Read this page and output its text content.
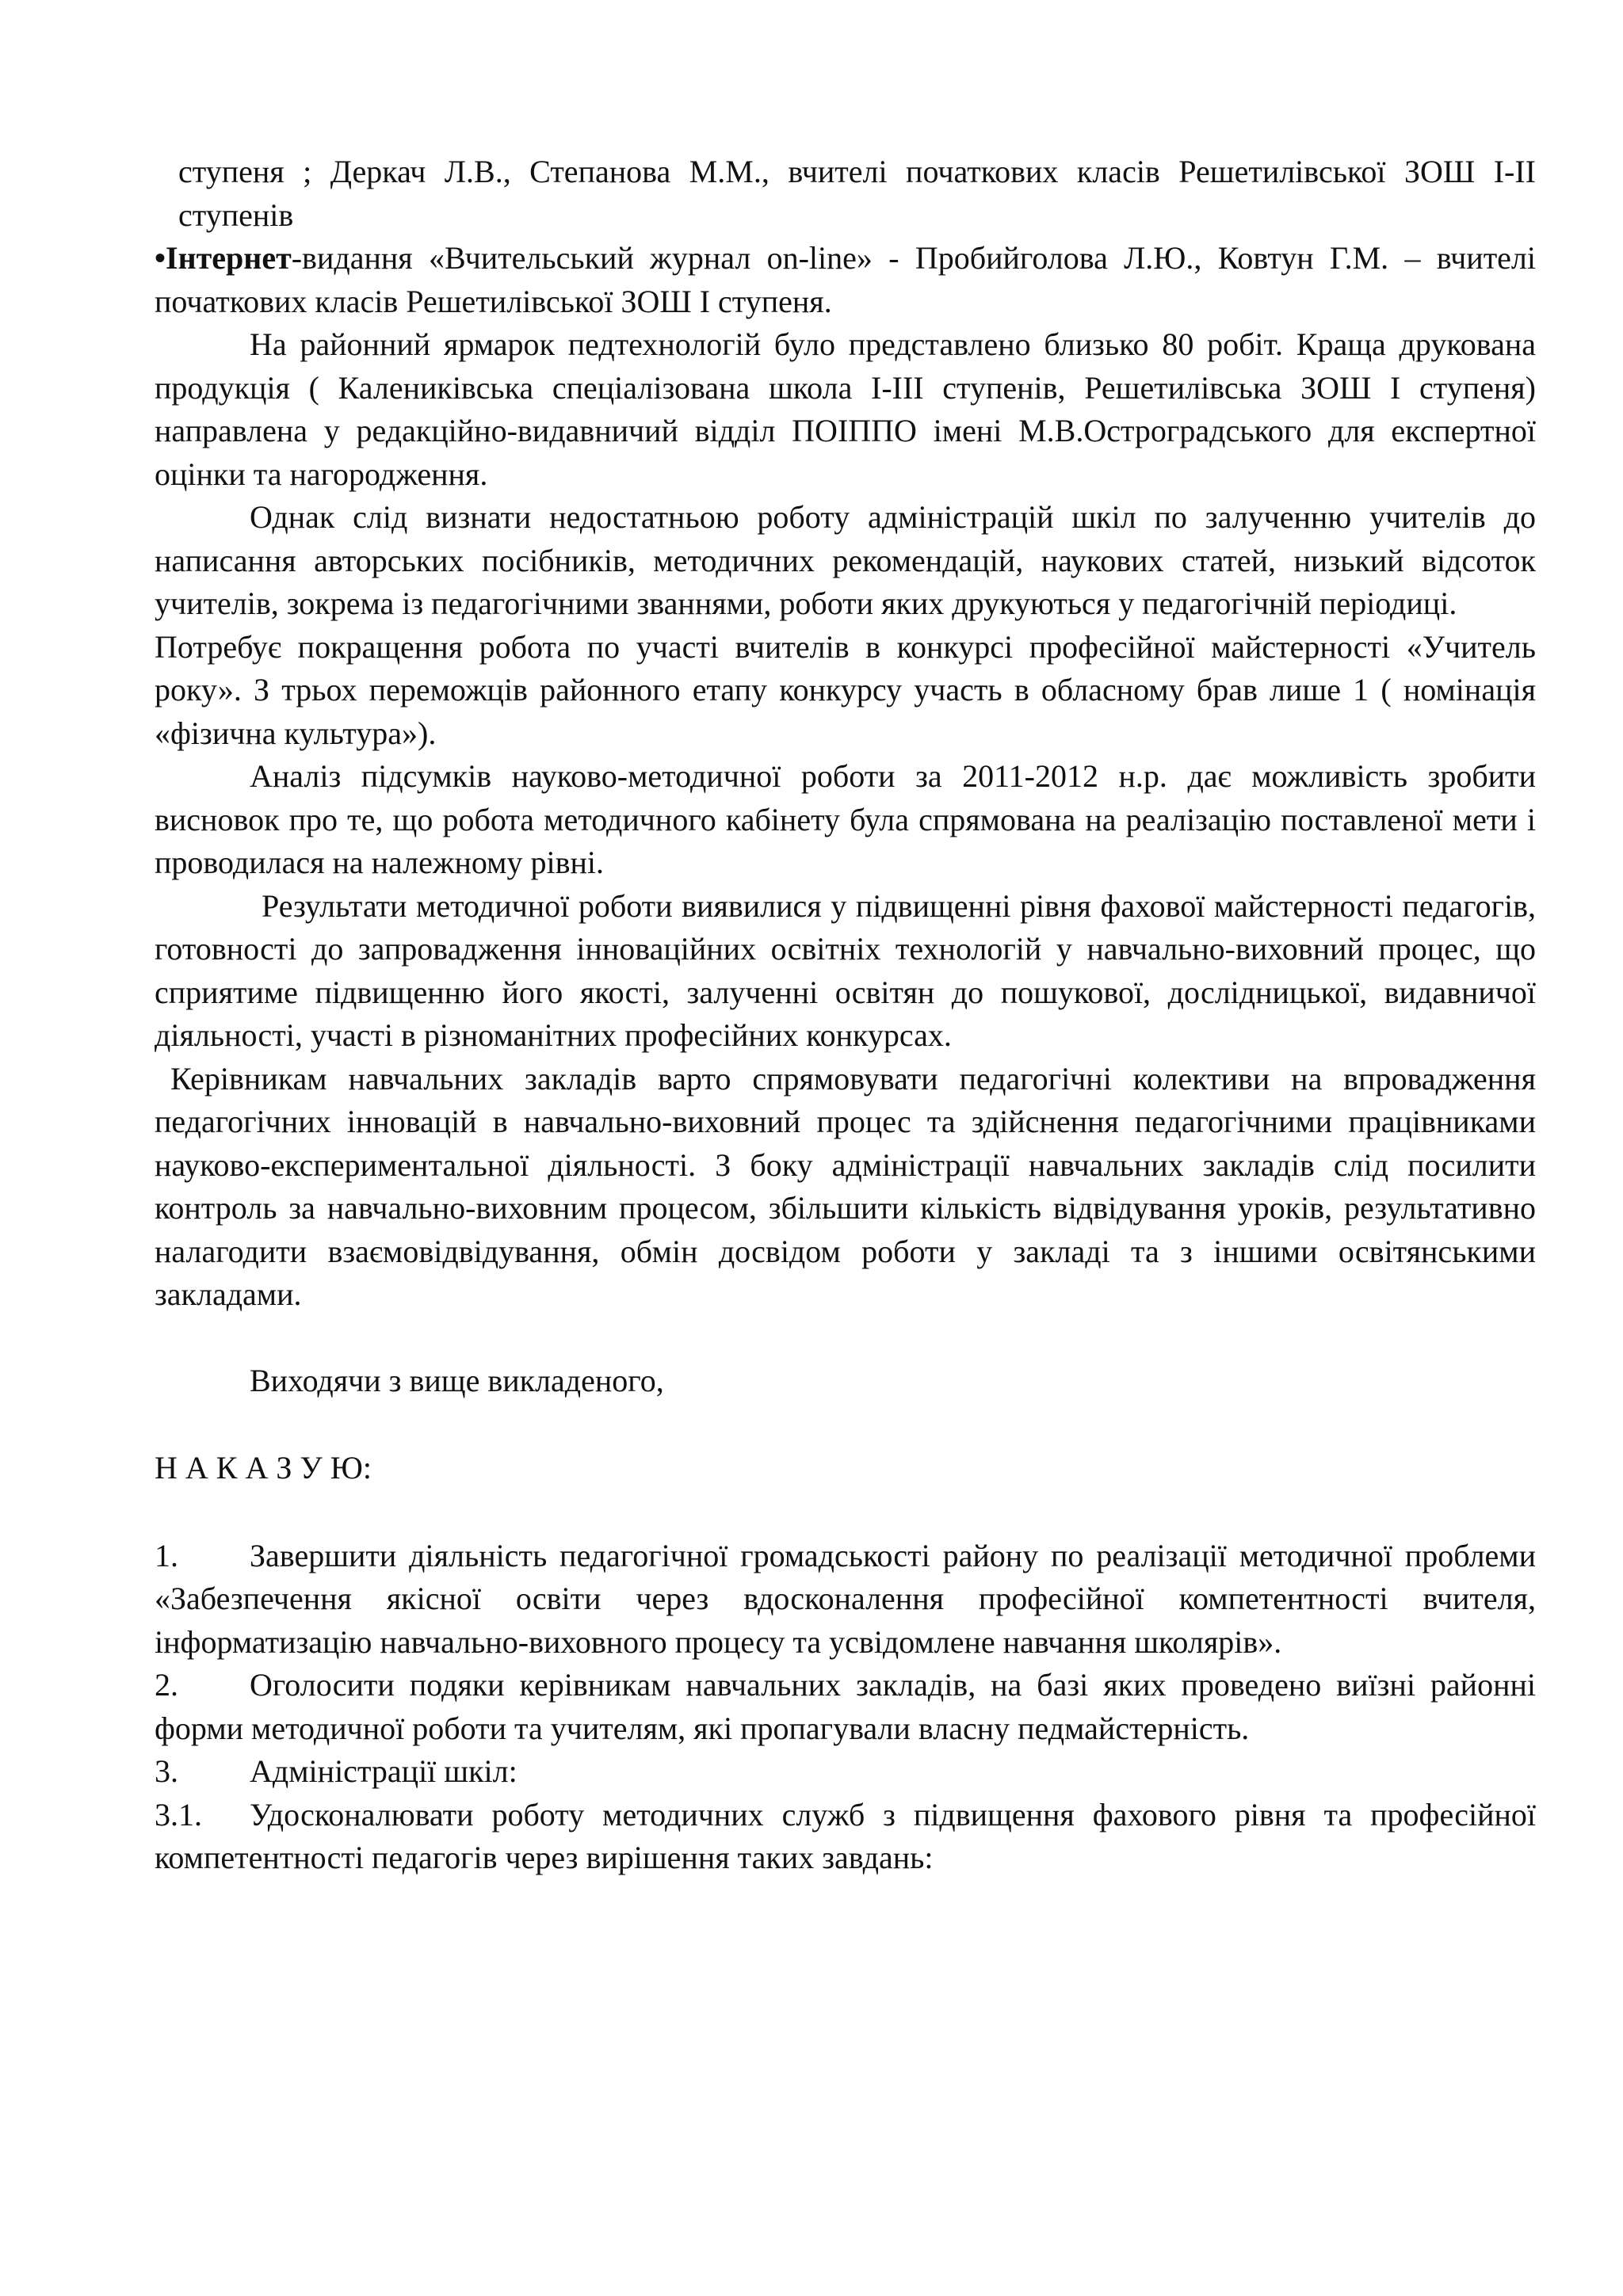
ступеня ; Деркач Л.В., Степанова М.М., вчителі початкових класів Решетилівської ЗОШ І-ІІ ступенів

•Інтернет-видання «Вчительський журнал on-line» - Пробийголова Л.Ю., Ковтун Г.М. – вчителі початкових класів Решетилівської ЗОШ І ступеня.

На районний ярмарок педтехнологій було представлено близько 80 робіт. Краща друкована продукція ( Калениківська спеціалізована школа І-ІІІ ступенів, Решетилівська ЗОШ І ступеня) направлена у редакційно-видавничий відділ ПОІППО імені М.В.Остроградського для експертної оцінки та нагородження.

Однак слід визнати недостатньою роботу адміністрацій шкіл по залученню учителів до написання авторських посібників, методичних рекомендацій, наукових статей, низький відсоток учителів, зокрема із педагогічними званнями, роботи яких друкуються у педагогічній періодиці.

Потребує покращення робота по участі вчителів в конкурсі професійної майстерності «Учитель року». З трьох переможців районного етапу конкурсу участь в обласному брав лише 1 ( номінація «фізична культура»).

Аналіз підсумків науково-методичної роботи за 2011-2012 н.р. дає можливість зробити висновок про те, що робота методичного кабінету була спрямована на реалізацію поставленої мети і проводилася на належному рівні.

Результати методичної роботи виявилися у підвищенні рівня фахової майстерності педагогів, готовності до запровадження інноваційних освітніх технологій у навчально-виховний процес, що сприятиме підвищенню його якості, залученні освітян до пошукової, дослідницької, видавничої діяльності, участі в різноманітних професійних конкурсах.

Керівникам навчальних закладів варто спрямовувати педагогічні колективи на впровадження педагогічних інновацій в навчально-виховний процес та здійснення педагогічними працівниками науково-експериментальної діяльності. З боку адміністрації навчальних закладів слід посилити контроль за навчально-виховним процесом, збільшити кількість відвідування уроків, результативно налагодити взаємовідвідування, обмін досвідом роботи у закладі та з іншими освітянськими закладами.

Виходячи з вище викладеного,

Н А К А З У Ю:

1. Завершити діяльність педагогічної громадськості району по реалізації методичної проблеми «Забезпечення якісної освіти через вдосконалення професійної компетентності вчителя, інформатизацію навчально-виховного процесу та усвідомлене навчання школярів».

2. Оголосити подяки керівникам навчальних закладів, на базі яких проведено виїзні районні форми методичної роботи та учителям, які пропагували власну педмайстерність.

3. Адміністрації шкіл:

3.1. Удосконалювати роботу методичних служб з підвищення фахового рівня та професійної компетентності педагогів через вирішення таких завдань:
